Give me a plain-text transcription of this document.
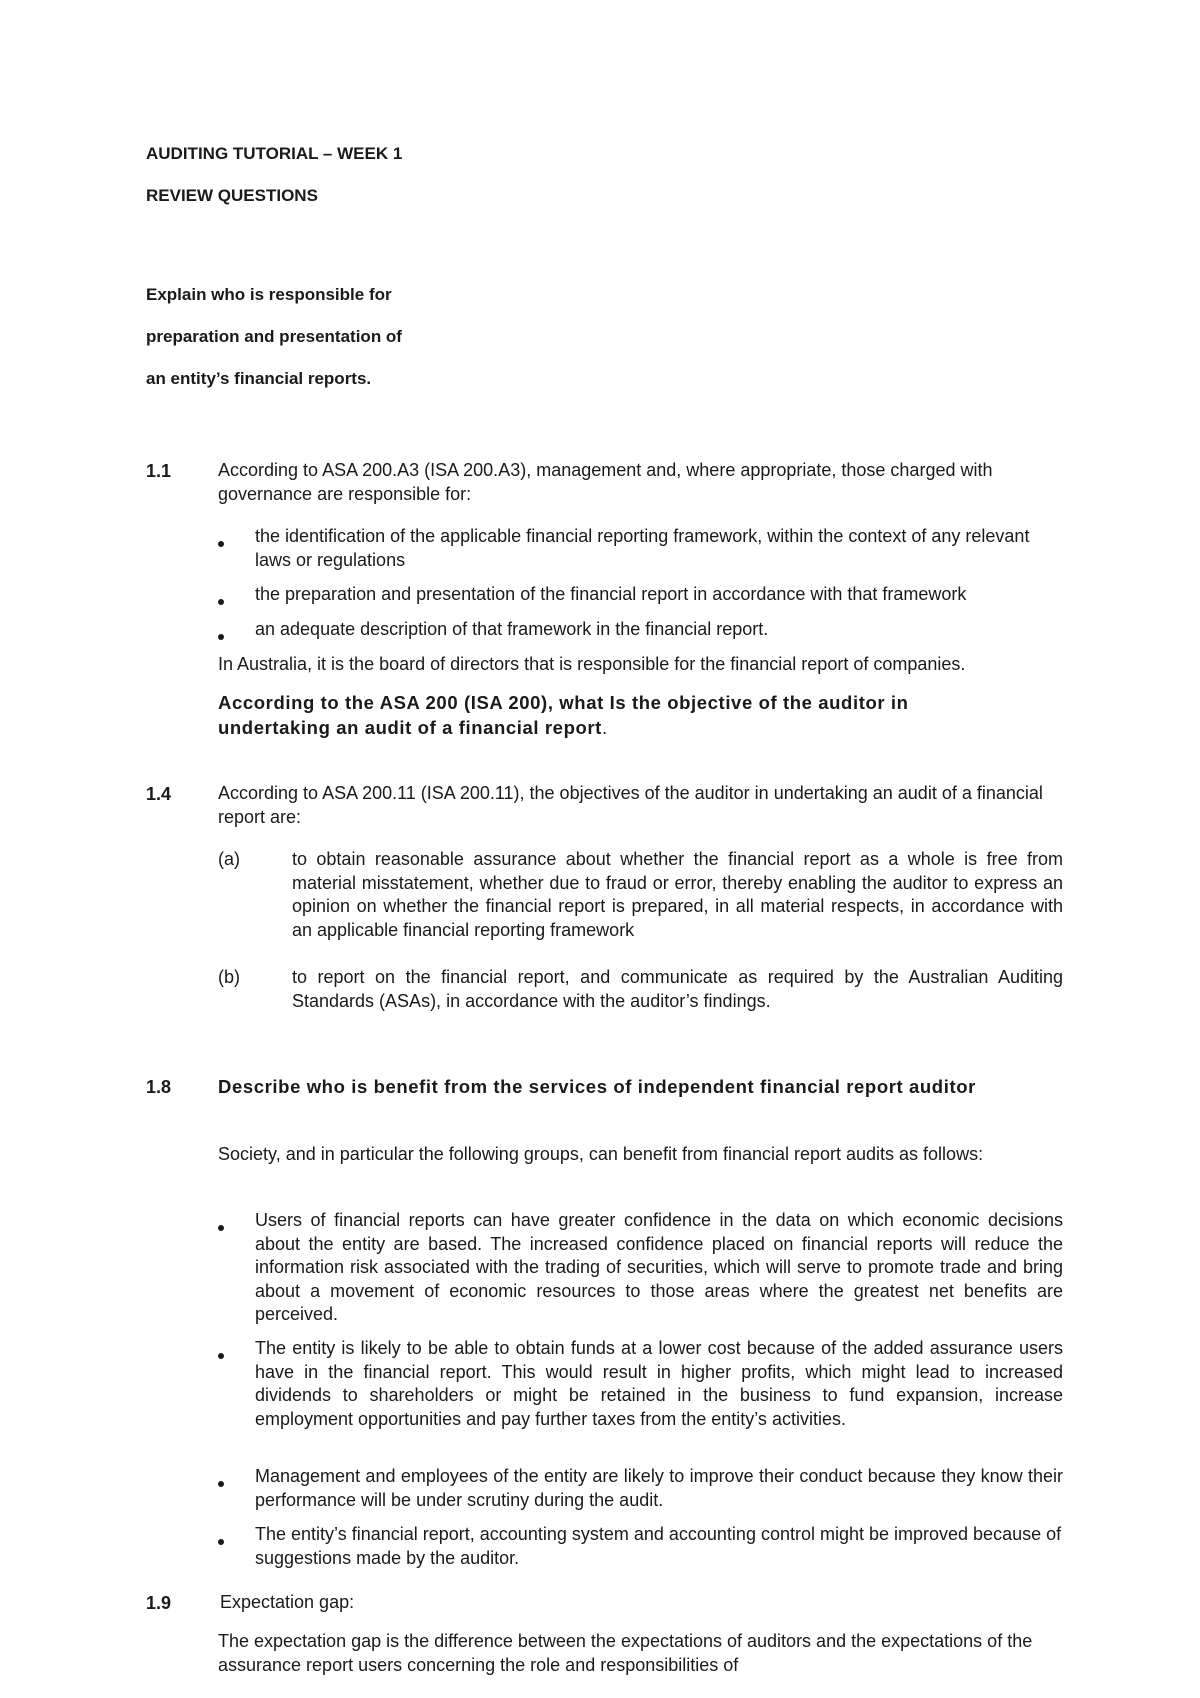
AUDITING TUTORIAL – WEEK 1
REVIEW QUESTIONS
Explain who is responsible for
preparation and presentation of
an entity’s financial reports.
1.1	According to ASA 200.A3 (ISA 200.A3), management and, where appropriate, those charged with governance are responsible for:
the identification of the applicable financial reporting framework, within the context of any relevant laws or regulations
the preparation and presentation of the financial report in accordance with that framework
an adequate description of that framework in the financial report.
In Australia, it is the board of directors that is responsible for the financial report of companies.
According to the ASA 200 (ISA 200), what Is the objective of the auditor in undertaking an audit of a financial report.
1.4	According to ASA 200.11 (ISA 200.11), the objectives of the auditor in undertaking an audit of a financial report are:
(a)	to obtain reasonable assurance about whether the financial report as a whole is free from material misstatement, whether due to fraud or error, thereby enabling the auditor to express an opinion on whether the financial report is prepared, in all material respects, in accordance with an applicable financial reporting framework
(b)	to report on the financial report, and communicate as required by the Australian Auditing Standards (ASAs), in accordance with the auditor’s findings.
1.8	Describe who is benefit from the services of independent financial report auditor
Society, and in particular the following groups, can benefit from financial report audits as follows:
Users of financial reports can have greater confidence in the data on which economic decisions about the entity are based. The increased confidence placed on financial reports will reduce the information risk associated with the trading of securities, which will serve to promote trade and bring about a movement of economic resources to those areas where the greatest net benefits are perceived.
The entity is likely to be able to obtain funds at a lower cost because of the added assurance users have in the financial report. This would result in higher profits, which might lead to increased dividends to shareholders or might be retained in the business to fund expansion, increase employment opportunities and pay further taxes from the entity’s activities.
Management and employees of the entity are likely to improve their conduct because they know their performance will be under scrutiny during the audit.
The entity’s financial report, accounting system and accounting control might be improved because of suggestions made by the auditor.
1.9	Expectation gap:
The expectation gap is the difference between the expectations of auditors and the expectations of the assurance report users concerning the role and responsibilities of
